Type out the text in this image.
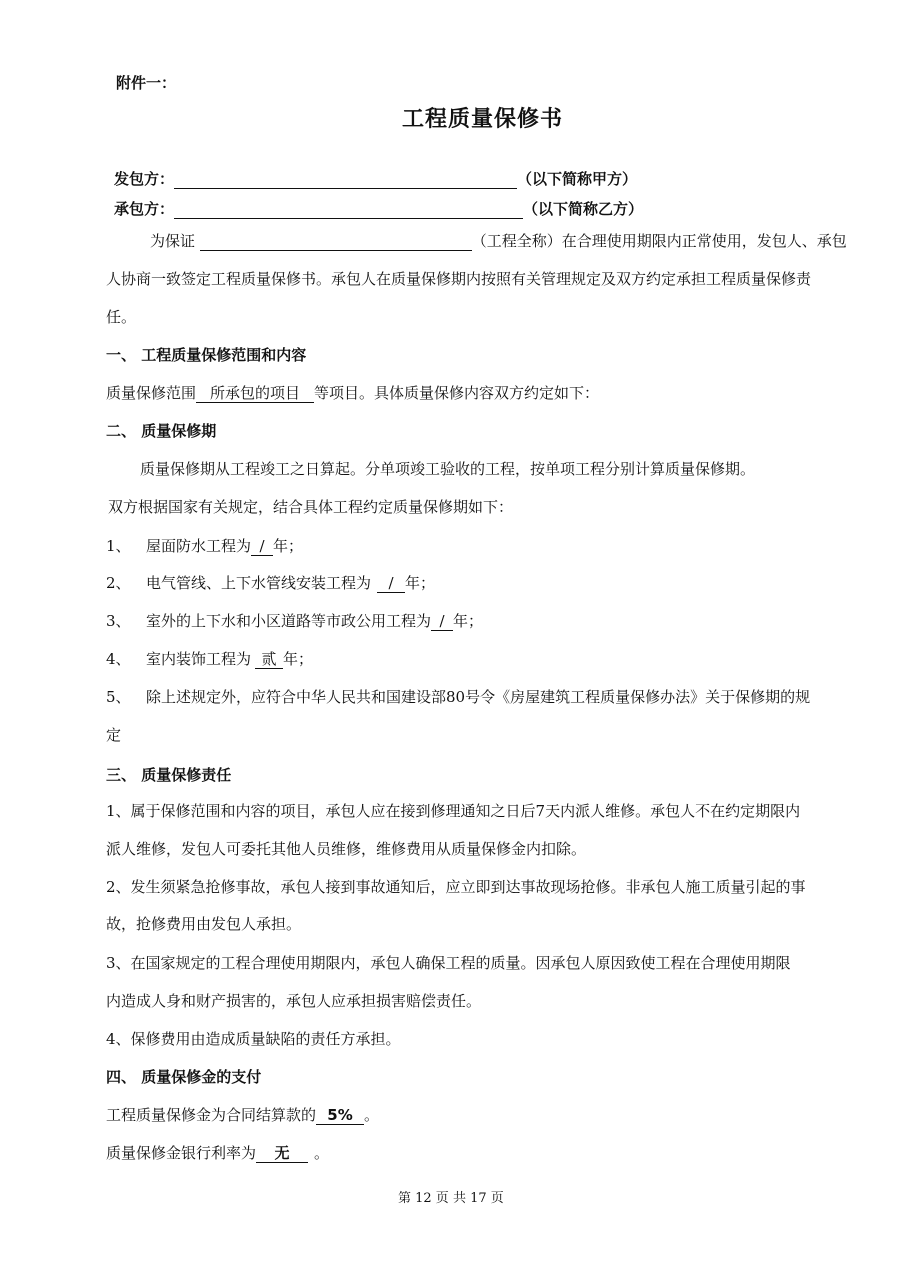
附件一：
工程质量保修书
发包方：	（以下简称甲方）
承包方：	（以下简称乙方）
为保证	（工程全称）在合理使用期限内正常使用，发包人、承包
人协商一致签定工程质量保修书。承包人在质量保修期内按照有关管理规定及双方约定承担工程质量保修责
任。
一、 工程质量保修范围和内容
质量保修范围 所承包的项目 等项目。具体质量保修内容双方约定如下：
二、 质量保修期
质量保修期从工程竣工之日算起。分单项竣工验收的工程，按单项工程分别计算质量保修期。
双方根据国家有关规定，结合具体工程约定质量保修期如下：
1、 屋面防水工程为 / 年；
2、 电气管线、上下水管线安装工程为 / 年；
3、 室外的上下水和小区道路等市政公用工程为 / 年；
4、 室内装饰工程为 贰 年；
5、 除上述规定外，应符合中华人民共和国建设部80号令《房屋建筑工程质量保修办法》关于保修期的规
定
三、 质量保修责任
1、属于保修范围和内容的项目，承包人应在接到修理通知之日后7天内派人维修。承包人不在约定期限内
派人维修，发包人可委托其他人员维修，维修费用从质量保修金内扣除。
2、发生须紧急抢修事故，承包人接到事故通知后，应立即到达事故现场抢修。非承包人施工质量引起的事
故，抢修费用由发包人承担。
3、在国家规定的工程合理使用期限内，承包人确保工程的质量。因承包人原因致使工程在合理使用期限
内造成人身和财产损害的，承包人应承担损害赔偿责任。
4、保修费用由造成质量缺陷的责任方承担。
四、 质量保修金的支付
工程质量保修金为合同结算款的 5% 。
质量保修金银行利率为 无 。
第 12 页 共 17 页
